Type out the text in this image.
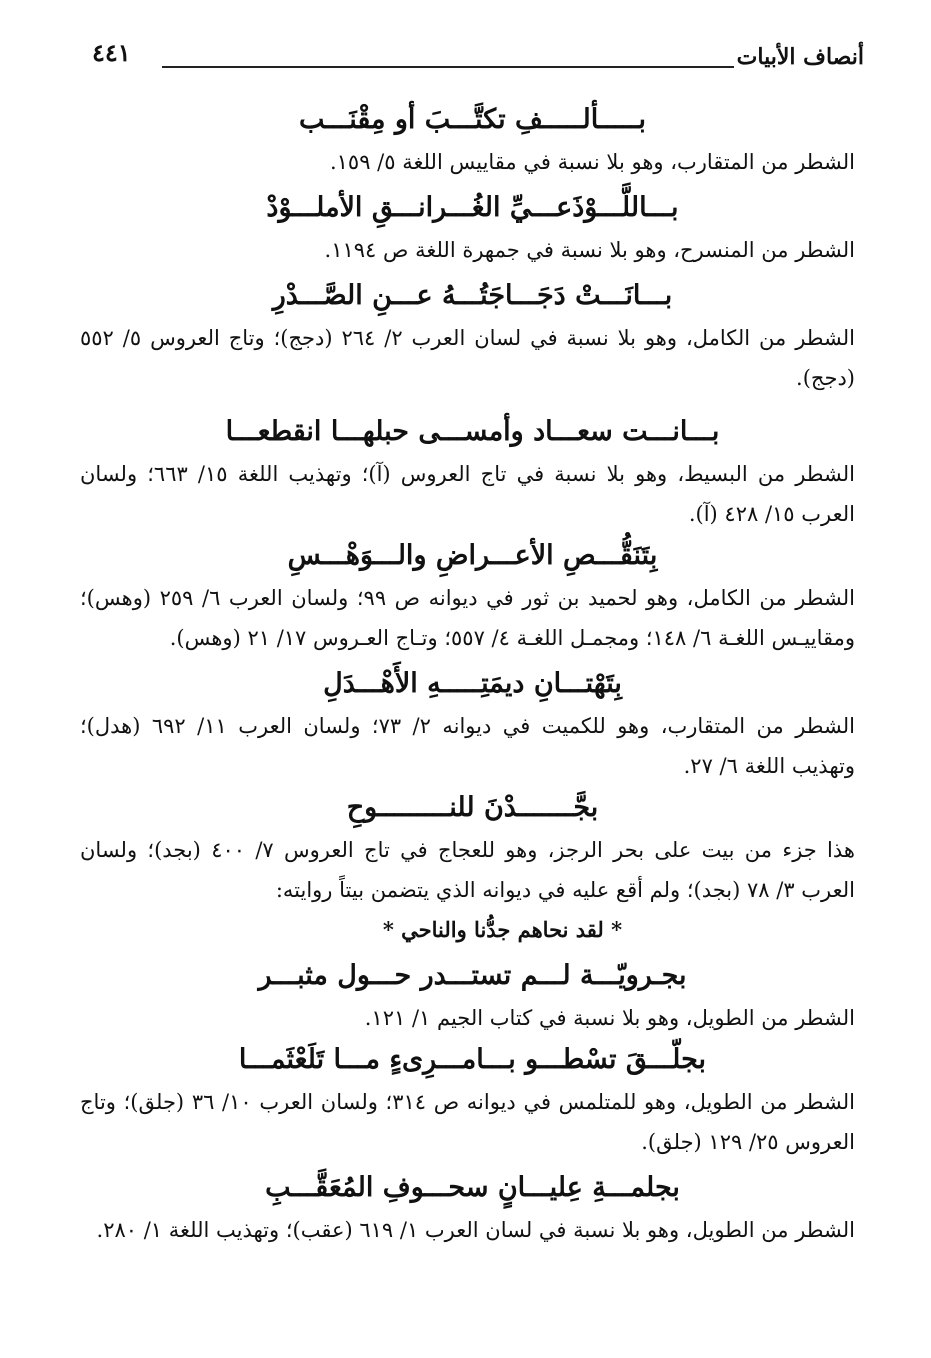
٤٤١	أنصاف الأبيات

بـــــألـــــفِ تكتَّـــبَ أو مِقْنَـــب

الشطر من المتقارب، وهو بلا نسبة في مقاييس اللغة ٥/ ١٥٩.

بـــاللَّـــوْذَعـــيِّ الغُـــرانـــقِ الأملـــوْدْ

الشطر من المنسرح، وهو بلا نسبة في جمهرة اللغة ص ١١٩٤.

بـــانَـــتْ دَجَـــاجَتُـــهُ عـــنِ الصَّـــدْرِ

الشطر من الكامل، وهو بلا نسبة في لسان العرب ٢/ ٢٦٤ (دجج)؛ وتاج العروس ٥/ ٥٥٢ (دجج).

بـــانـــت سعـــاد وأمســـى حبلهـــا انقطعـــا

الشطر من البسيط، وهو بلا نسبة في تاج العروس (آ)؛ وتهذيب اللغة ١٥/ ٦٦٣؛ ولسان العرب ١٥/ ٤٢٨ (آ).

بِتَنَقُّـــصِ الأعـــراضِ والـــوَهْـــسِ

الشطر من الكامل، وهو لحميد بن ثور في ديوانه ص ٩٩؛ ولسان العرب ٦/ ٢٥٩ (وهس)؛ ومقاييـس اللغـة ٦/ ١٤٨؛ ومجمـل اللغـة ٤/ ٥٥٧؛ وتـاج العـروس ١٧/ ٢١ (وهس).

بِتَهْتـــانِ ديمَتِـــــهِ الأَهْـــدَلِ

الشطر من المتقارب، وهو للكميت في ديوانه ٢/ ٧٣؛ ولسان العرب ١١/ ٦٩٢ (هدل)؛ وتهذيب اللغة ٦/ ٢٧.

بجَّـــــــدْنَ للنـــــــــوحِ

هذا جزء من بيت على بحر الرجز، وهو للعجاج في تاج العروس ٧/ ٤٠٠ (بجد)؛ ولسان العرب ٣/ ٧٨ (بجد)؛ ولم أقع عليه في ديوانه الذي يتضمن بيتاً روايته:

* لقد نحاهم جدُّنا والناحي *

بجـرويّـــة لـــم تستـــدر حـــول مثبـــر

الشطر من الطويل، وهو بلا نسبة في كتاب الجيم ١/ ١٢١.

بجلّـــقَ تسْطـــو بـــامـــرِىءٍ مـــا تَلَعْثَمـــا

الشطر من الطويل، وهو للمتلمس في ديوانه ص ٣١٤؛ ولسان العرب ١٠/ ٣٦ (جلق)؛ وتاج العروس ٢٥/ ١٢٩ (جلق).

بجلمـــةِ عِليـــانٍ سحـــوفِ المُعَقَّـــبِ

الشطر من الطويل، وهو بلا نسبة في لسان العرب ١/ ٦١٩ (عقب)؛ وتهذيب اللغة ١/ ٢٨٠.
